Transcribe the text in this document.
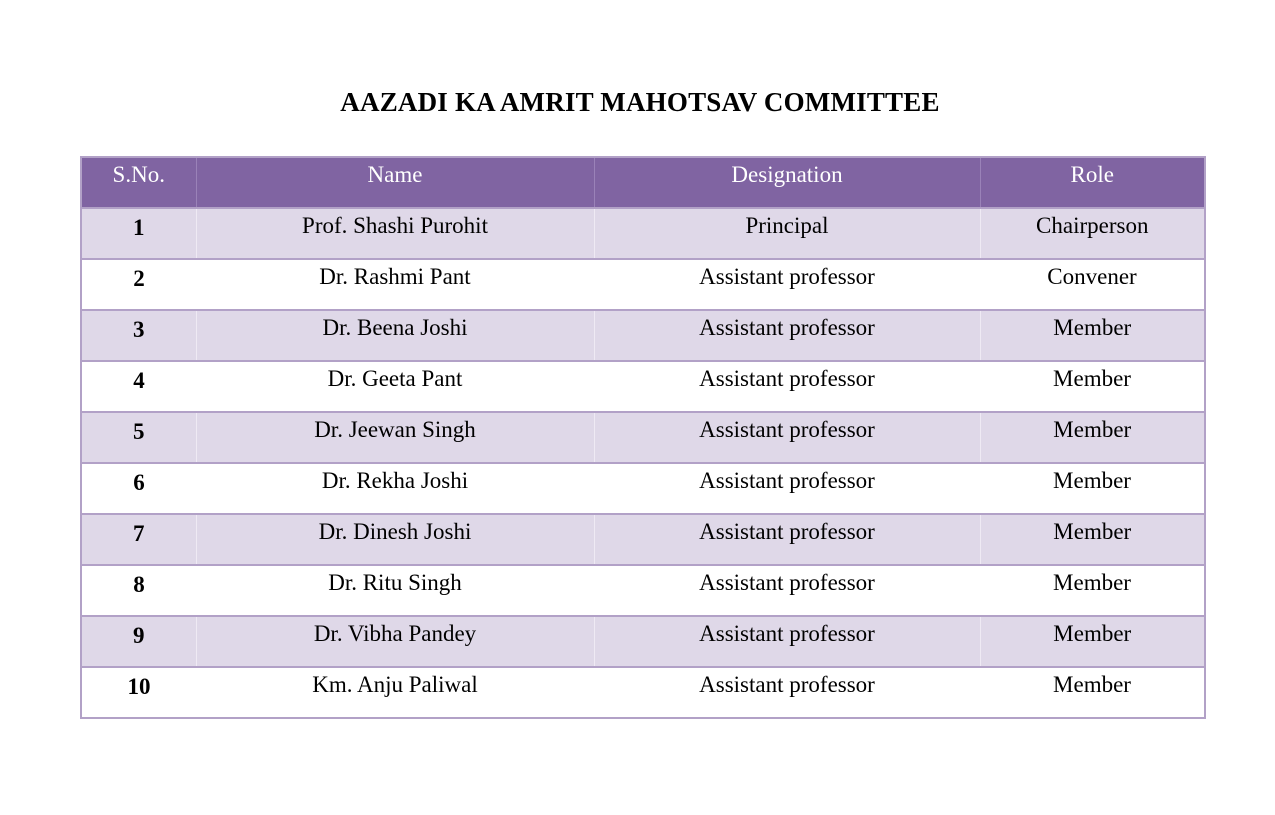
AAZADI KA AMRIT MAHOTSAV COMMITTEE
S.No.	Name	Designation	Role
1	Prof. Shashi Purohit	Principal	Chairperson
2	Dr. Rashmi Pant	Assistant professor	Convener
3	Dr. Beena Joshi	Assistant professor	Member
4	Dr. Geeta Pant	Assistant professor	Member
5	Dr. Jeewan Singh	Assistant professor	Member
6	Dr. Rekha Joshi	Assistant professor	Member
7	Dr. Dinesh Joshi	Assistant professor	Member
8	Dr. Ritu Singh	Assistant professor	Member
9	Dr. Vibha Pandey	Assistant professor	Member
10	Km. Anju Paliwal	Assistant professor	Member
